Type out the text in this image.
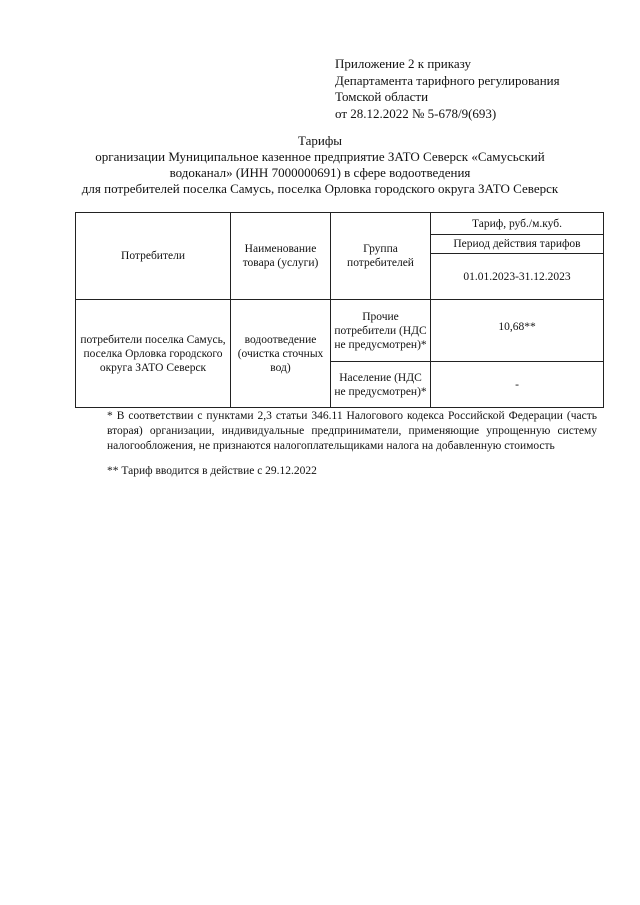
Приложение 2 к приказу
Департамента тарифного регулирования
Томской области
от 28.12.2022 № 5-678/9(693)
Тарифы
организации Муниципальное казенное предприятие ЗАТО Северск «Самусьский
водоканал» (ИНН 7000000691) в сфере водоотведения
для потребителей поселка Самусь, поселка Орловка городского округа ЗАТО Северск
Потребители	Наименование товара (услуги)	Группа потребителей	Тариф, руб./м.куб.
			Период действия тарифов
			01.01.2023-31.12.2023
потребители поселка Самусь, поселка Орловка городского округа ЗАТО Северск	водоотведение (очистка сточных вод)	Прочие потребители (НДС не предусмотрен)*	10,68**
		Население (НДС не предусмотрен)*	-
* В соответствии с пунктами 2,3 статьи 346.11 Налогового кодекса Российской Федерации (часть вторая) организации, индивидуальные предприниматели, применяющие упрощенную систему налогообложения, не признаются налогоплательщиками налога на добавленную стоимость
** Тариф вводится в действие с 29.12.2022
